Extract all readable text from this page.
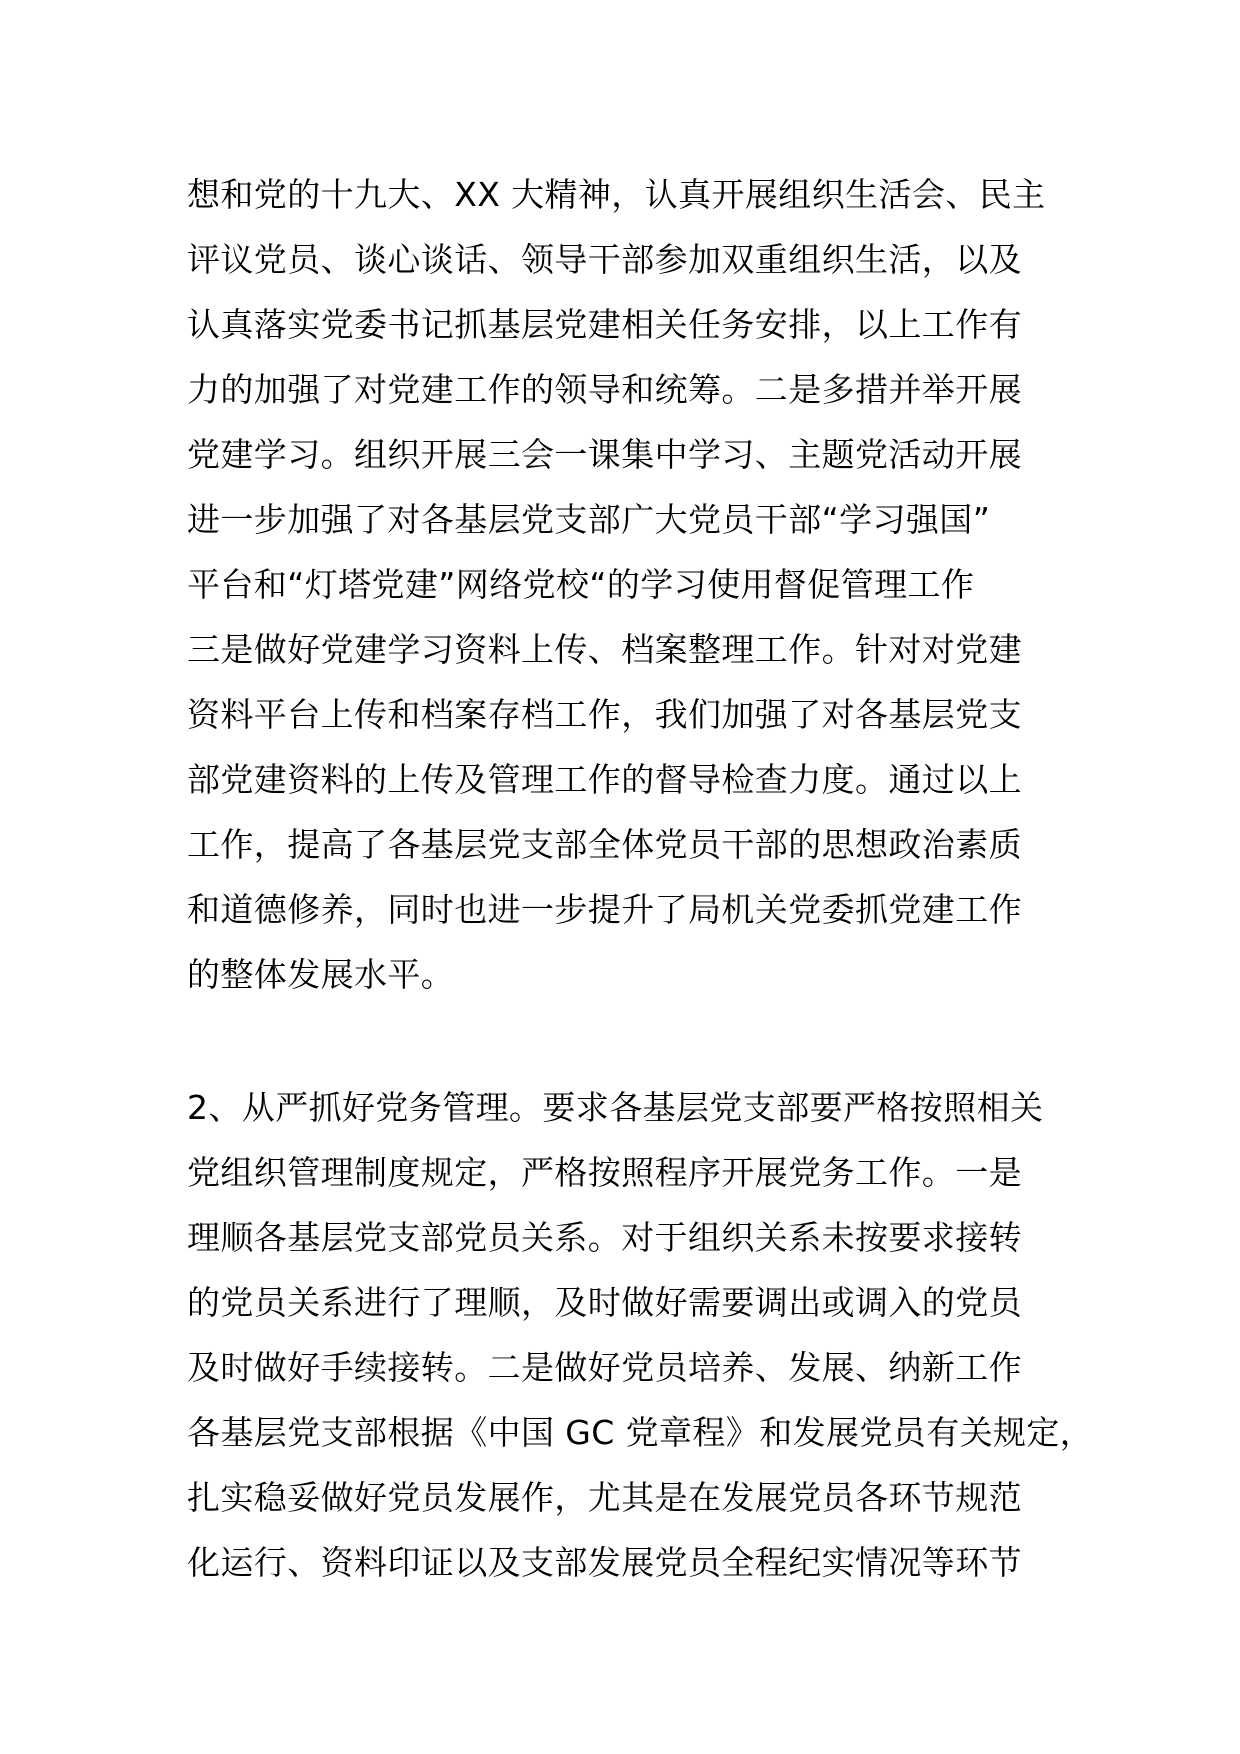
想和党的十九大、XX 大精神，认真开展组织生活会、民主
评议党员、谈心谈话、领导干部参加双重组织生活，以及
认真落实党委书记抓基层党建相关任务安排，以上工作有
力的加强了对党建工作的领导和统筹。二是多措并举开展
党建学习。组织开展三会一课集中学习、主题党活动开展
进一步加强了对各基层党支部广大党员干部“学习强国”
平台和“灯塔党建”网络党校“的学习使用督促管理工作
三是做好党建学习资料上传、档案整理工作。针对对党建
资料平台上传和档案存档工作，我们加强了对各基层党支
部党建资料的上传及管理工作的督导检查力度。通过以上
工作，提高了各基层党支部全体党员干部的思想政治素质
和道德修养，同时也进一步提升了局机关党委抓党建工作
的整体发展水平。
2、从严抓好党务管理。要求各基层党支部要严格按照相关
党组织管理制度规定，严格按照程序开展党务工作。一是
理顺各基层党支部党员关系。对于组织关系未按要求接转
的党员关系进行了理顺，及时做好需要调出或调入的党员
及时做好手续接转。二是做好党员培养、发展、纳新工作
各基层党支部根据《中国 GC 党章程》和发展党员有关规定，
扎实稳妥做好党员发展作，尤其是在发展党员各环节规范
化运行、资料印证以及支部发展党员全程纪实情况等环节
